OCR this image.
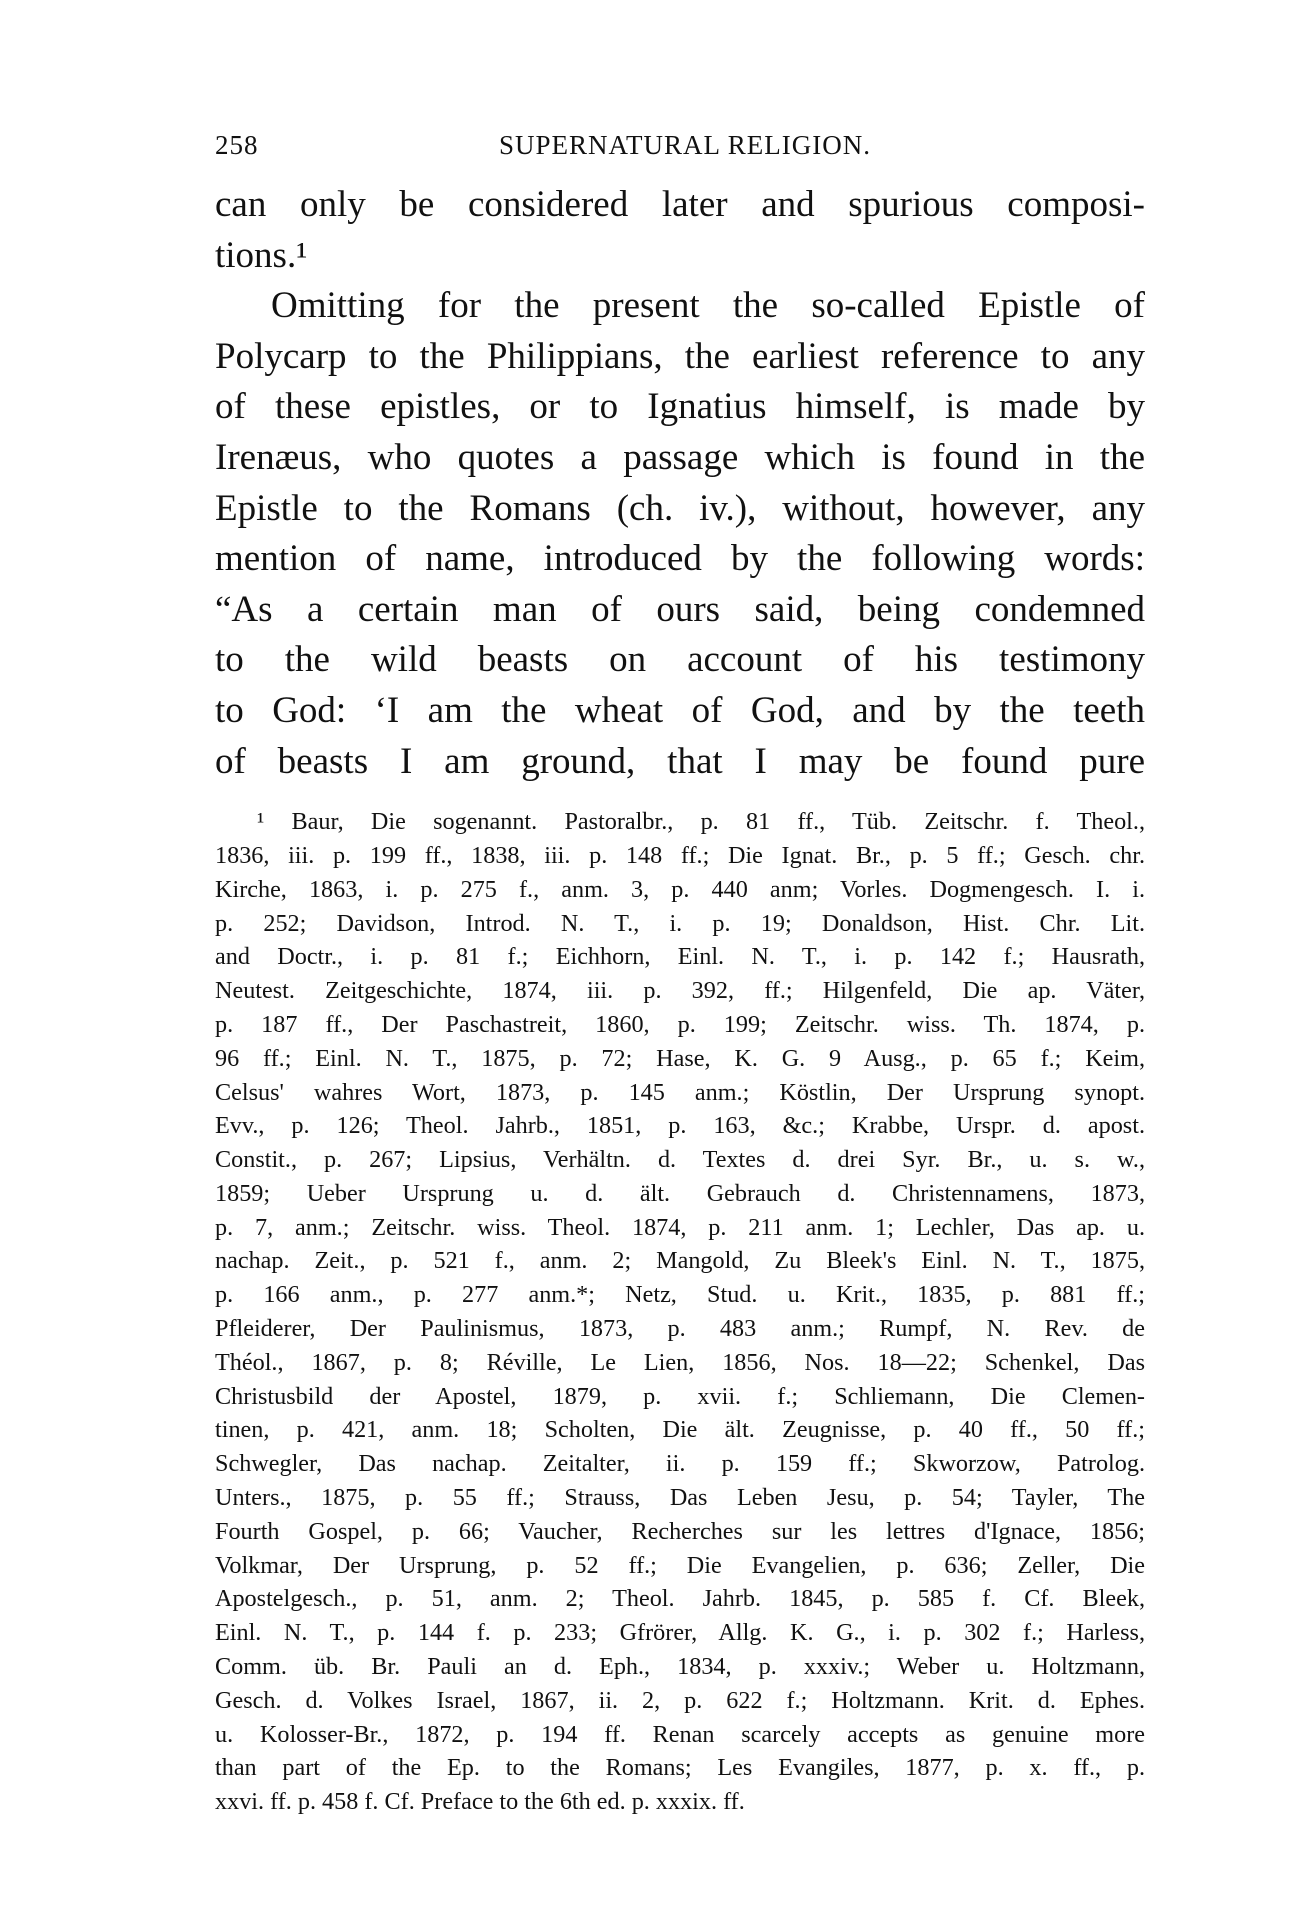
258	SUPERNATURAL RELIGION.
can only be considered later and spurious composi-
tions.¹
Omitting for the present the so-called Epistle of
Polycarp to the Philippians, the earliest reference to any
of these epistles, or to Ignatius himself, is made by
Irenæus, who quotes a passage which is found in the
Epistle to the Romans (ch. iv.), without, however, any
mention of name, introduced by the following words:
“As a certain man of ours said, being condemned
to the wild beasts on account of his testimony
to God: ‘I am the wheat of God, and by the teeth
of beasts I am ground, that I may be found pure
¹ Baur, Die sogenannt. Pastoralbr., p. 81 ff., Tüb. Zeitschr. f. Theol.,
1836, iii. p. 199 ff., 1838, iii. p. 148 ff.; Die Ignat. Br., p. 5 ff.; Gesch. chr.
Kirche, 1863, i. p. 275 f., anm. 3, p. 440 anm; Vorles. Dogmengesch. I. i.
p. 252; Davidson, Introd. N. T., i. p. 19; Donaldson, Hist. Chr. Lit.
and Doctr., i. p. 81 f.; Eichhorn, Einl. N. T., i. p. 142 f.; Hausrath,
Neutest. Zeitgeschichte, 1874, iii. p. 392, ff.; Hilgenfeld, Die ap. Väter,
p. 187 ff., Der Paschastreit, 1860, p. 199; Zeitschr. wiss. Th. 1874, p.
96 ff.; Einl. N. T., 1875, p. 72; Hase, K. G. 9 Ausg., p. 65 f.; Keim,
Celsus' wahres Wort, 1873, p. 145 anm.; Köstlin, Der Ursprung synopt.
Evv., p. 126; Theol. Jahrb., 1851, p. 163, &c.; Krabbe, Urspr. d. apost.
Constit., p. 267; Lipsius, Verhältn. d. Textes d. drei Syr. Br., u. s. w.,
1859; Ueber Ursprung u. d. ält. Gebrauch d. Christennamens, 1873,
p. 7, anm.; Zeitschr. wiss. Theol. 1874, p. 211 anm. 1; Lechler, Das ap. u.
nachap. Zeit., p. 521 f., anm. 2; Mangold, Zu Bleek's Einl. N. T., 1875,
p. 166 anm., p. 277 anm.*; Netz, Stud. u. Krit., 1835, p. 881 ff.;
Pfleiderer, Der Paulinismus, 1873, p. 483 anm.; Rumpf, N. Rev. de
Théol., 1867, p. 8; Réville, Le Lien, 1856, Nos. 18—22; Schenkel, Das
Christusbild der Apostel, 1879, p. xvii. f.; Schliemann, Die Clemen-
tinen, p. 421, anm. 18; Scholten, Die ält. Zeugnisse, p. 40 ff., 50 ff.;
Schwegler, Das nachap. Zeitalter, ii. p. 159 ff.; Skworzow, Patrolog.
Unters., 1875, p. 55 ff.; Strauss, Das Leben Jesu, p. 54; Tayler, The
Fourth Gospel, p. 66; Vaucher, Recherches sur les lettres d'Ignace, 1856;
Volkmar, Der Ursprung, p. 52 ff.; Die Evangelien, p. 636; Zeller, Die
Apostelgesch., p. 51, anm. 2; Theol. Jahrb. 1845, p. 585 f. Cf. Bleek,
Einl. N. T., p. 144 f. p. 233; Gfrörer, Allg. K. G., i. p. 302 f.; Harless,
Comm. üb. Br. Pauli an d. Eph., 1834, p. xxxiv.; Weber u. Holtzmann,
Gesch. d. Volkes Israel, 1867, ii. 2, p. 622 f.; Holtzmann. Krit. d. Ephes.
u. Kolosser-Br., 1872, p. 194 ff. Renan scarcely accepts as genuine more
than part of the Ep. to the Romans; Les Evangiles, 1877, p. x. ff., p.
xxvi. ff. p. 458 f. Cf. Preface to the 6th ed. p. xxxix. ff.
